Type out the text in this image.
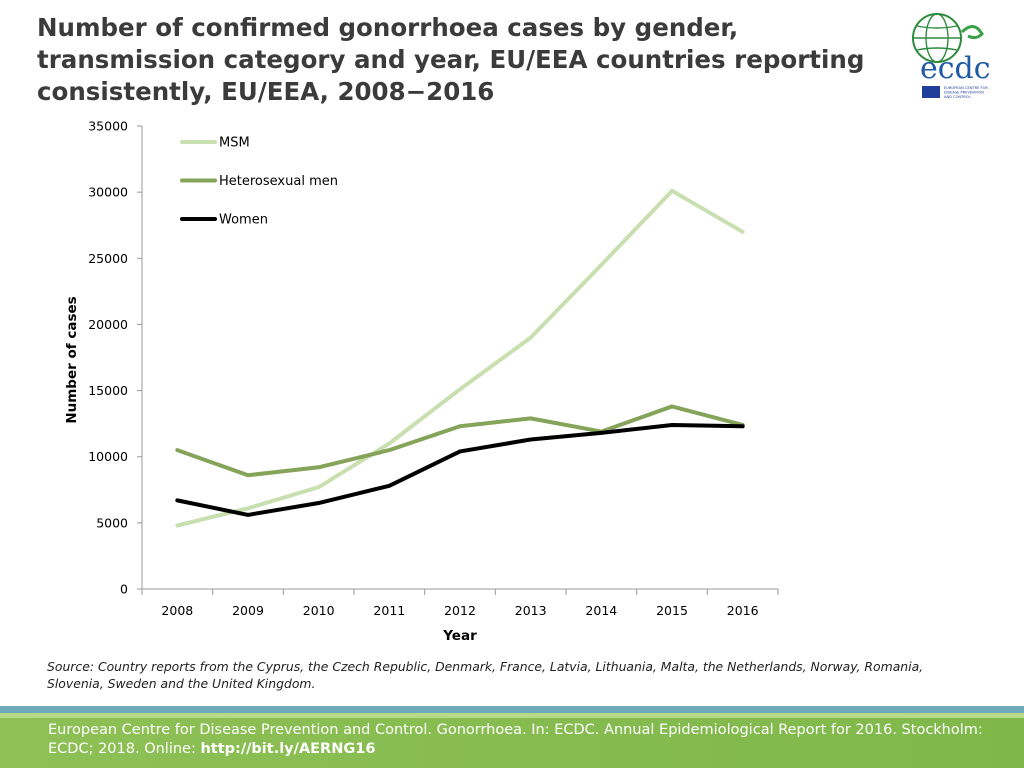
Number of confirmed gonorrhoea cases by gender, transmission category and year, EU/EEA countries reporting consistently, EU/EEA, 2008−2016
ecdc
EUROPEAN CENTRE FOR
DISEASE PREVENTION
AND CONTROL
0
5000
10000
15000
20000
25000
30000
35000
2008	2009	2010	2011	2012	2013	2014	2015	2016
MSM
Heterosexual men
Women
Number of cases
Year
Source: Country reports from the Cyprus, the Czech Republic, Denmark, France, Latvia, Lithuania, Malta, the Netherlands, Norway, Romania, Slovenia, Sweden and the United Kingdom.
European Centre for Disease Prevention and Control. Gonorrhoea. In: ECDC. Annual Epidemiological Report for 2016. Stockholm: ECDC; 2018. Online: http://bit.ly/AERNG16
